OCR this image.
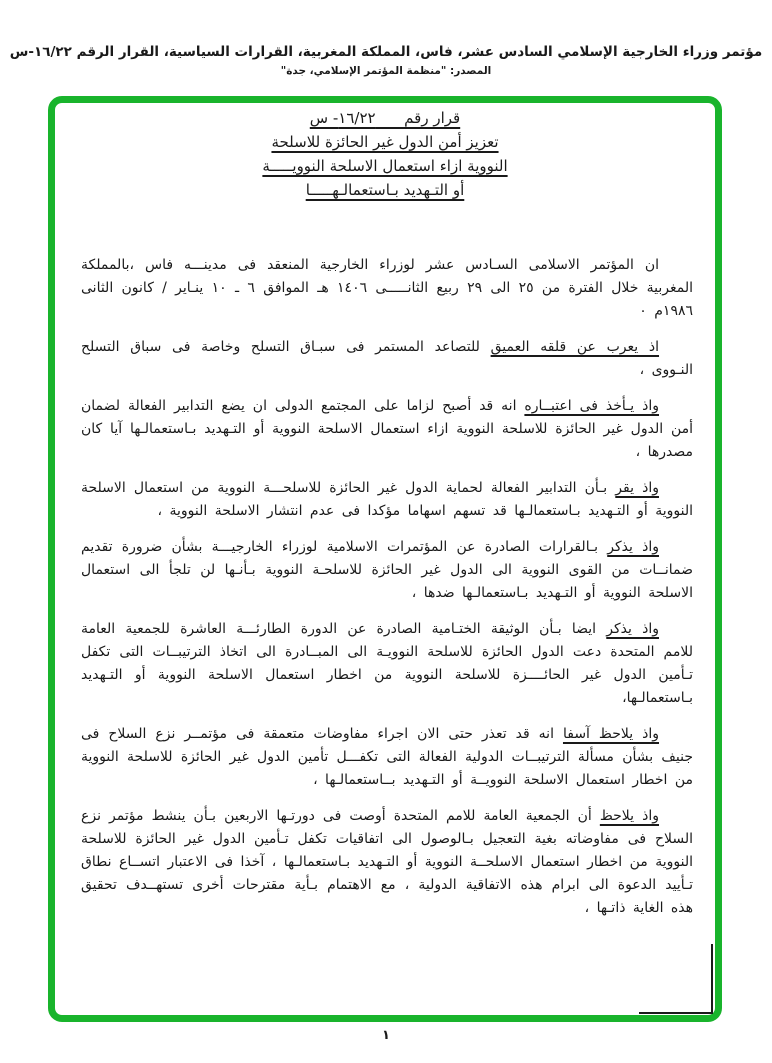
مؤتمر وزراء الخارجية الإسلامي السادس عشر، فاس، المملكة المغربية، القرارات السياسية، القرار الرقم ١٦/٢٢-س
المصدر: "منظمة المؤتمر الإسلامي، جدة"
قرار رقم      ١٦/٢٢- س
تعزيز أمن الدول غير الحائزة للاسلحة
النووية ازاء استعمال الاسلحة النوويـــــة
أو التـهديد بـاستعمالـهـــــا

ان المؤتمر الاسلامى السـادس عشر لوزراء الخارجية المنعقد فى مدينـــه فاس ،بالمملكة المغربية خلال الفترة من ٢٥ الى ٢٩ ربيع الثانـــــى ١٤٠٦ هـ الموافق ٦ ـ ١٠ ينـاير / كانون الثانى ١٩٨٦م ٠

اذ يعرب عن قلقه العميق للتصاعد المستمر فى سبـاق التسلح وخاصة فى سباق التسلح النـووى ،

واذ يـأخذ فى اعتبــاره انه قد أصبح لزاما على المجتمع الدولى ان يضع التدابير الفعالة لضمان أمن الدول غير الحائزة للاسلحة النووية ازاء استعمال الاسلحة النووية أو التـهديد بـاستعمالـها آيا كان مصدرها ،

واذ يقر بـأن التدابير الفعالة لحماية الدول غير الحائزة للاسلحـــة النووية من استعمال الاسلحة النووية أو التـهديد بـاستعمالـها قد تسهم اسهاما مؤكدا فى عدم انتشار الاسلحة النووية ،

واذ يذكر بـالقرارات الصادرة عن المؤتمرات الاسلامية لوزراء الخارجيـــة بشأن ضرورة تقديم ضمانــات من القوى النووية الى الدول غير الحائزة للاسلحـة النووية بـأنـها لن تلجأ الى استعمال الاسلحة النووية أو التـهديد بـاستعمالـها ضدها ،

واذ يذكر ايضا بـأن الوثيقة الختـامية الصادرة عن الدورة الطارئـــة العاشرة للجمعية العامة للامم المتحدة دعت الدول الحائزة للاسلحة النوويـة الى المبــادرة الى اتخاذ الترتيبــات التى تكفل تـأمين الدول غير الحائــــزة للاسلحة النووية من اخطار استعمال الاسلحة النووية أو التـهديد بـاستعمالـها،

واذ يلاحظ آسفا انه قد تعذر حتى الان اجراء مفاوضات متعمقة فى مؤتمــر نزع السلاح فى جنيف بشأن مسألة الترتيبــات الدولية الفعالة التى تكفـــل تأمين الدول غير الحائزة للاسلحة النووية من اخطار استعمال الاسلحة النوويــة أو التـهديد بــاستعمالـها ،

واذ يلاحظ أن الجمعية العامة للامم المتحدة أوصت فى دورتـها الاربعين بـأن ينشط مؤتمر نزع السلاح فى مفاوضاته بغية التعجيل بـالوصول الى اتفاقيات تكفل تـأمين الدول غير الحائزة للاسلحة النووية من اخطار استعمال الاسلحــة النووية أو التـهديد بـاستعمالـها ، آخذا فى الاعتبار اتســاع نطاق تـأييد الدعوة الى ابرام هذه الاتفاقية الدولية ، مع الاهتمام بـأية مقترحات أخرى تستهــدف تحقيق هذه الغاية ذاتـها ،

١
